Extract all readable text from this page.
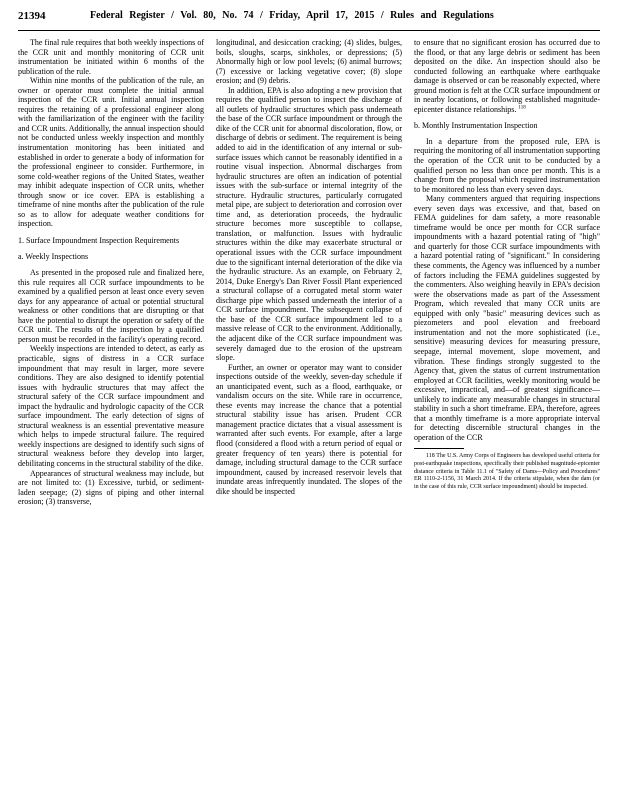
21394	Federal Register / Vol. 80, No. 74 / Friday, April 17, 2015 / Rules and Regulations

The final rule requires that both weekly inspections of the CCR unit and monthly monitoring of CCR unit instrumentation be initiated within 6 months of the publication of the rule.

Within nine months of the publication of the rule, an owner or operator must complete the initial annual inspection of the CCR unit. Initial annual inspection requires the retaining of a professional engineer along with the familiarization of the engineer with the facility and CCR units. Additionally, the annual inspection should not be conducted unless weekly inspection and monthly instrumentation monitoring has been initiated and established in order to generate a body of information for the professional engineer to consider. Furthermore, in some cold-weather regions of the United States, weather may inhibit adequate inspection of CCR units, whether through snow or ice cover. EPA is establishing a timeframe of nine months after the publication of the rule so as to allow for adequate weather conditions for inspection.

1. Surface Impoundment Inspection Requirements

a. Weekly Inspections

As presented in the proposed rule and finalized here, this rule requires all CCR surface impoundments to be examined by a qualified person at least once every seven days for any appearance of actual or potential structural weakness or other conditions that are disrupting or that have the potential to disrupt the operation or safety of the CCR unit. The results of the inspection by a qualified person must be recorded in the facility's operating record.

Weekly inspections are intended to detect, as early as practicable, signs of distress in a CCR surface impoundment that may result in larger, more severe conditions. They are also designed to identify potential issues with hydraulic structures that may affect the structural safety of the CCR surface impoundment and impact the hydraulic and hydrologic capacity of the CCR surface impoundment. The early detection of signs of structural weakness is an essential preventative measure which helps to impede structural failure. The required weekly inspections are designed to identify such signs of structural weakness before they develop into larger, debilitating concerns in the structural stability of the dike.

Appearances of structural weakness may include, but are not limited to: (1) Excessive, turbid, or sediment-laden seepage; (2) signs of piping and other internal erosion; (3) transverse,

longitudinal, and desiccation cracking; (4) slides, bulges, boils, sloughs, scarps, sinkholes, or depressions; (5) Abnormally high or low pool levels; (6) animal burrows; (7) excessive or lacking vegetative cover; (8) slope erosion; and (9) debris.

In addition, EPA is also adopting a new provision that requires the qualified person to inspect the discharge of all outlets of hydraulic structures which pass underneath the base of the CCR surface impoundment or through the dike of the CCR unit for abnormal discoloration, flow, or discharge of debris or sediment. The requirement is being added to aid in the identification of any internal or sub-surface issues which cannot be reasonably identified in a routine visual inspection. Abnormal discharges from hydraulic structures are often an indication of potential issues with the sub-surface or internal integrity of the structure. Hydraulic structures, particularly corrugated metal pipe, are subject to deterioration and corrosion over time and, as deterioration proceeds, the hydraulic structure becomes more susceptible to collapse, translation, or malfunction. Issues with hydraulic structures within the dike may exacerbate structural or operational issues with the CCR surface impoundment due to the significant internal deterioration of the dike via the hydraulic structure. As an example, on February 2, 2014, Duke Energy's Dan River Fossil Plant experienced a structural collapse of a corrugated metal storm water discharge pipe which passed underneath the interior of a CCR surface impoundment. The subsequent collapse of the base of the CCR surface impoundment led to a massive release of CCR to the environment. Additionally, the adjacent dike of the CCR surface impoundment was severely damaged due to the erosion of the upstream slope.

Further, an owner or operator may want to consider inspections outside of the weekly, seven-day schedule if an unanticipated event, such as a flood, earthquake, or vandalism occurs on the site. While rare in occurrence, these events may increase the chance that a potential structural stability issue has arisen. Prudent CCR management practice dictates that a visual assessment is warranted after such events. For example, after a large flood (considered a flood with a return period of equal or greater frequency of ten years) there is potential for damage, including structural damage to the CCR surface impoundment, caused by increased reservoir levels that inundate areas infrequently inundated. The slopes of the dike should be inspected

to ensure that no significant erosion has occurred due to the flood, or that any large debris or sediment has been deposited on the dike. An inspection should also be conducted following an earthquake where earthquake damage is observed or can be reasonably expected, where ground motion is felt at the CCR surface impoundment or in nearby locations, or following established magnitude-epicenter distance relationships. $^{118}$

b. Monthly Instrumentation Inspection

In a departure from the proposed rule, EPA is requiring the monitoring of all instrumentation supporting the operation of the CCR unit to be conducted by a qualified person no less than once per month. This is a change from the proposal which required instrumentation to be monitored no less than every seven days.

Many commenters argued that requiring inspections every seven days was excessive, and that, based on FEMA guidelines for dam safety, a more reasonable timeframe would be once per month for CCR surface impoundments with a hazard potential rating of "high" and quarterly for those CCR surface impoundments with a hazard potential rating of "significant." In considering these comments, the Agency was influenced by a number of factors including the FEMA guidelines suggested by the commenters. Also weighing heavily in EPA's decision were the observations made as part of the Assessment Program, which revealed that many CCR units are equipped with only "basic" measuring devices such as piezometers and pool elevation and freeboard instrumentation and not the more sophisticated (i.e., sensitive) measuring devices for measuring pressure, seepage, internal movement, slope movement, and vibration. These findings strongly suggested to the Agency that, given the status of current instrumentation employed at CCR facilities, weekly monitoring would be excessive, impractical, and—of greatest significance—unlikely to indicate any measurable changes in structural stability in such a short timeframe. EPA, therefore, agrees that a monthly timeframe is a more appropriate interval for detecting discernible structural changes in the operation of the CCR

118 The U.S. Army Corps of Engineers has developed useful criteria for post-earthquake inspections, specifically their published magnitude-epicenter distance criteria in Table 11.1 of "Safety of Dams—Policy and Procedures" ER 1110-2-1156, 31 March 2014. If the criteria stipulate, when the dam (or in the case of this rule, CCR surface impoundment) should be inspected.
